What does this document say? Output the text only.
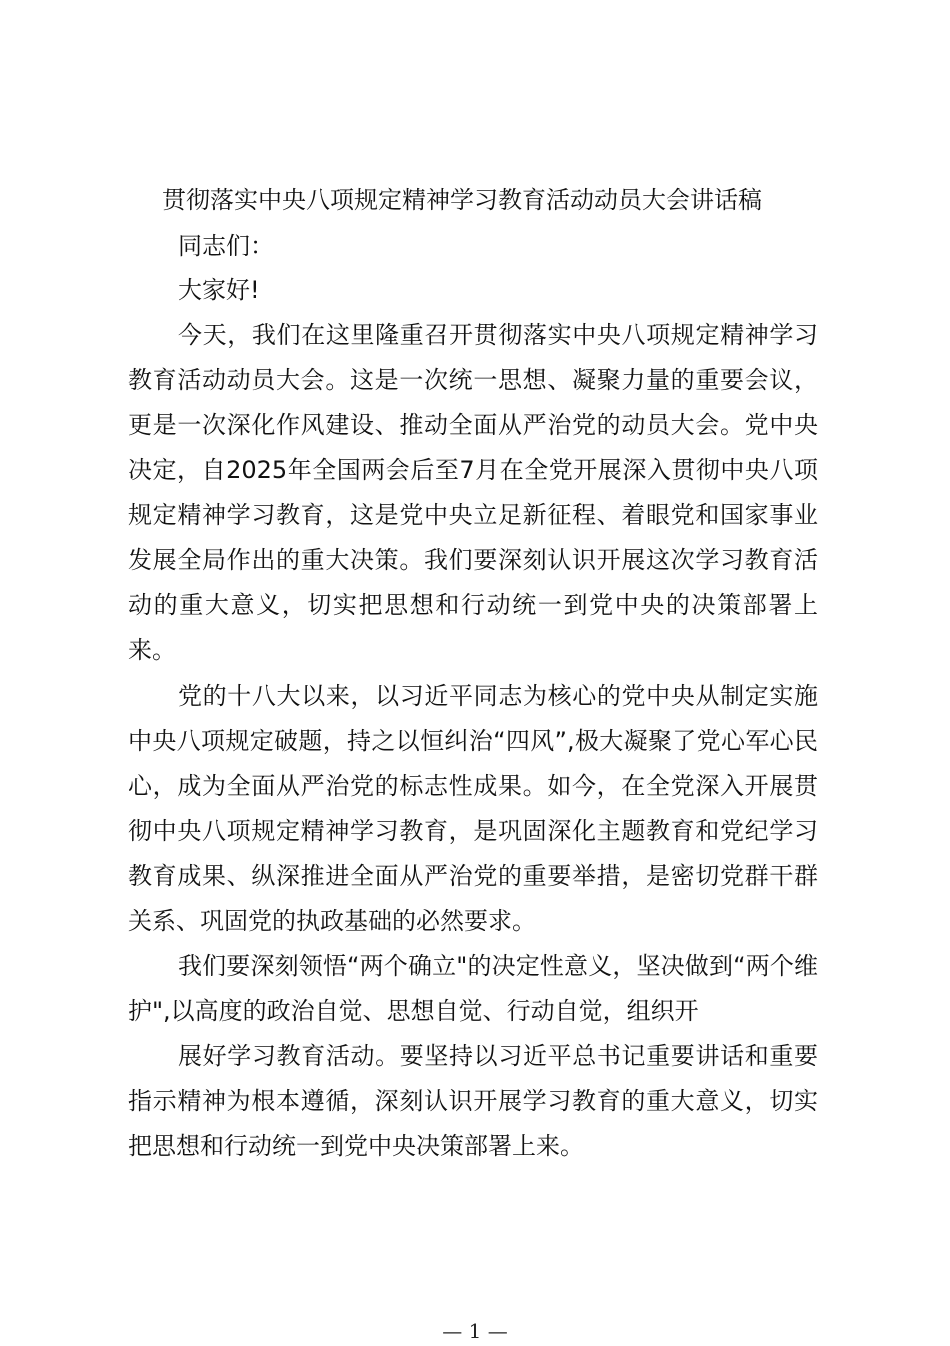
贯彻落实中央八项规定精神学习教育活动动员大会讲话稿
同志们：
大家好!

今天，我们在这里隆重召开贯彻落实中央八项规定精神学习教育活动动员大会。这是一次统一思想、凝聚力量的重要会议，更是一次深化作风建设、推动全面从严治党的动员大会。党中央决定，自2025年全国两会后至7月在全党开展深入贯彻中央八项规定精神学习教育，这是党中央立足新征程、着眼党和国家事业发展全局作出的重大决策。我们要深刻认识开展这次学习教育活动的重大意义，切实把思想和行动统一到党中央的决策部署上来。

党的十八大以来，以习近平同志为核心的党中央从制定实施中央八项规定破题，持之以恒纠治“四风”,极大凝聚了党心军心民心，成为全面从严治党的标志性成果。如今，在全党深入开展贯彻中央八项规定精神学习教育，是巩固深化主题教育和党纪学习教育成果、纵深推进全面从严治党的重要举措，是密切党群干群关系、巩固党的执政基础的必然要求。

我们要深刻领悟“两个确立"的决定性意义，坚决做到“两个维护",以高度的政治自觉、思想自觉、行动自觉，组织开

展好学习教育活动。要坚持以习近平总书记重要讲话和重要指示精神为根本遵循，深刻认识开展学习教育的重大意义，切实把思想和行动统一到党中央决策部署上来。

— 1 —
